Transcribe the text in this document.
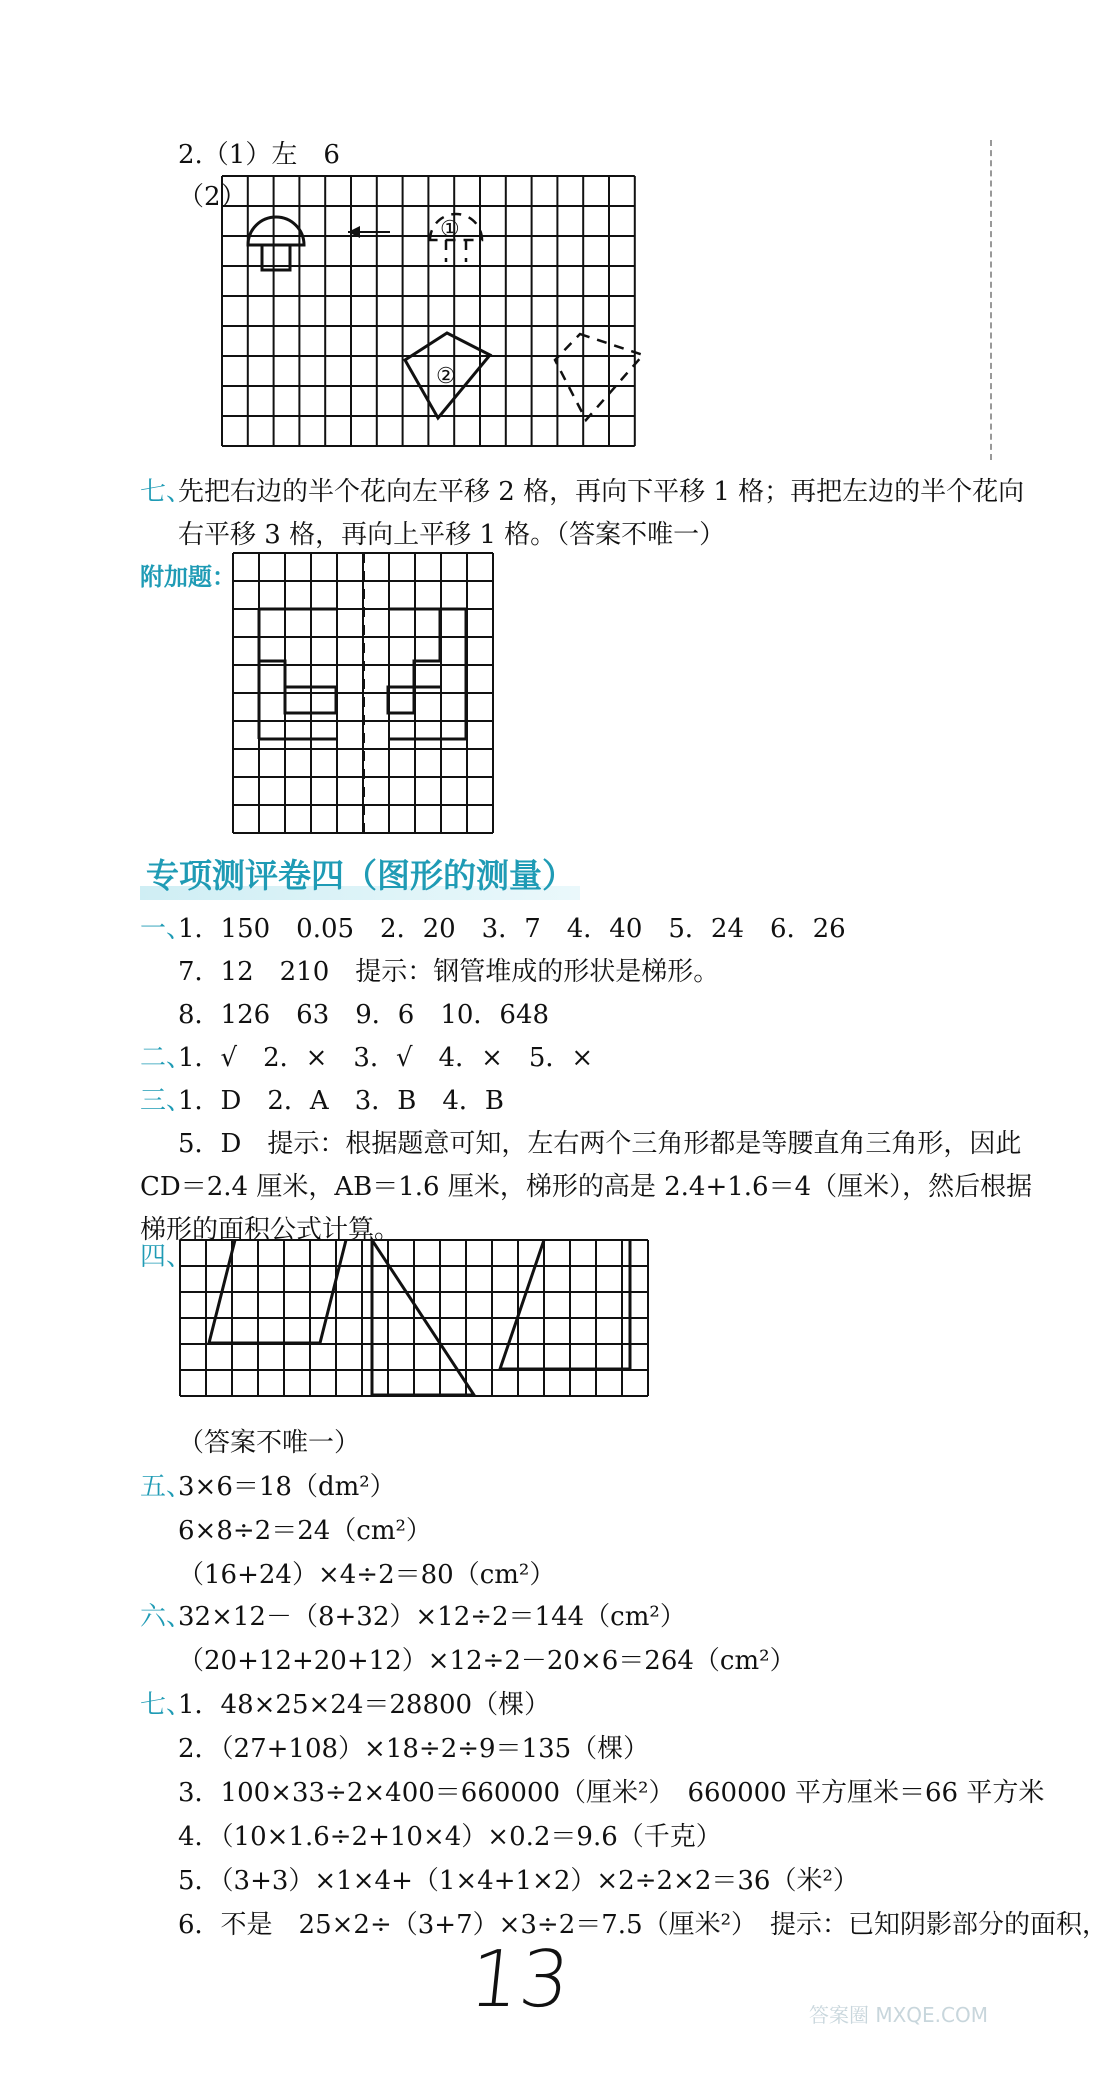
2.（1）左　6
（2）
七、
先把右边的半个花向左平移 2 格，再向下平移 1 格；再把左边的半个花向
右平移 3 格，再向上平移 1 格。（答案不唯一）
附加题：
专项测评卷四（图形的测量）
一、
1．150　0.05　2．20　3．7　4．40　5．24　6．26
7．12　210　提示：钢管堆成的形状是梯形。
8．126　63　9．6　10．648
二、
1．√　2．×　3．√　4．×　5．×
三、
1．D　2．A　3．B　4．B
5．D　提示：根据题意可知，左右两个三角形都是等腰直角三角形，因此
CD＝2.4 厘米，AB＝1.6 厘米，梯形的高是 2.4+1.6＝4（厘米），然后根据
梯形的面积公式计算。
四、
（答案不唯一）
五、
3×6＝18（dm²）
6×8÷2＝24（cm²）
（16+24）×4÷2＝80（cm²）
六、
32×12－（8+32）×12÷2＝144（cm²）
（20+12+20+12）×12÷2－20×6＝264（cm²）
七、
1．48×25×24＝28800（棵）
2．（27+108）×18÷2÷9＝135（棵）
3．100×33÷2×400＝660000（厘米²）　660000 平方厘米＝66 平方米
4．（10×1.6÷2+10×4）×0.2＝9.6（千克）
5．（3+3）×1×4+（1×4+1×2）×2÷2×2＝36（米²）
6．不是　25×2÷（3+7）×3÷2＝7.5（厘米²）　提示：已知阴影部分的面积，
①
②
13	答案圈 MXQE.COM
